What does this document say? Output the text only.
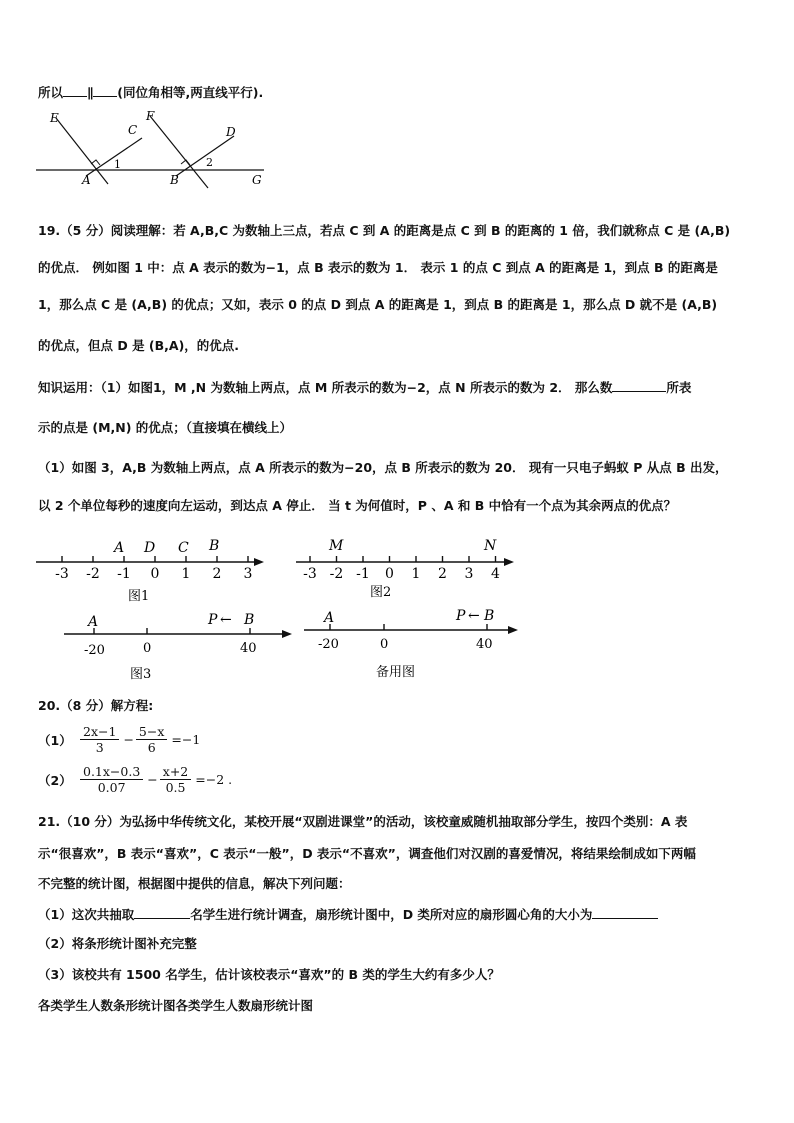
所以 ∥ (同位角相等,两直线平行).
E
C
F
D
1	2
A	B	G
19.（5 分）阅读理解：若 A,B,C 为数轴上三点，若点 C 到 A 的距离是点 C 到 B 的距离的 1 倍，我们就称点 C 是 (A,B)
的优点． 例如图 1 中：点 A 表示的数为−1，点 B 表示的数为 1． 表示 1 的点 C 到点 A 的距离是 1，到点 B 的距离是
1，那么点 C 是 (A,B) 的优点；又如，表示 0 的点 D 到点 A 的距离是 1，到点 B 的距离是 1，那么点 D 就不是 (A,B)
的优点，但点 D 是 (B,A)，的优点.
知识运用：（1）如图1，M ,N 为数轴上两点，点 M 所表示的数为−2，点 N 所表示的数为 2． 那么数	所表
示的点是 (M,N) 的优点；（直接填在横线上）
（1）如图 3，A,B 为数轴上两点，点 A 所表示的数为−20，点 B 所表示的数为 20． 现有一只电子蚂蚁 P 从点 B 出发，
以 2 个单位每秒的速度向左运动，到达点 A 停止． 当 t 为何值时，P 、A 和 B 中恰有一个点为其余两点的优点？
-3 -2 -1 0 1 2 3
A D C B
图1
-3 -2 -1 0 1 2 3 4
M	N
图2
A	P ← B
-20	0	40
图3
A	P ← B
-20	0	40
备用图
20.（8 分）解方程:
$(1) \frac{2x-1}{3} - \frac{5-x}{6} =-1$
$(2) \frac{0.1x-0.3}{0.07} - \frac{x+2}{0.5} =-2$ .
21.（10 分）为弘扬中华传统文化，某校开展“双剧进课堂”的活动，该校童威随机抽取部分学生，按四个类别：A 表
示“很喜欢”，B 表示“喜欢”，C 表示“一般”，D 表示“不喜欢”，调查他们对汉剧的喜爱情况，将结果绘制成如下两幅
不完整的统计图，根据图中提供的信息，解决下列问题：
（1）这次共抽取	名学生进行统计调查，扇形统计图中，D 类所对应的扇形圆心角的大小为
（2）将条形统计图补充完整
（3）该校共有 1500 名学生，估计该校表示“喜欢”的 B 类的学生大约有多少人？
各类学生人数条形统计图各类学生人数扇形统计图
